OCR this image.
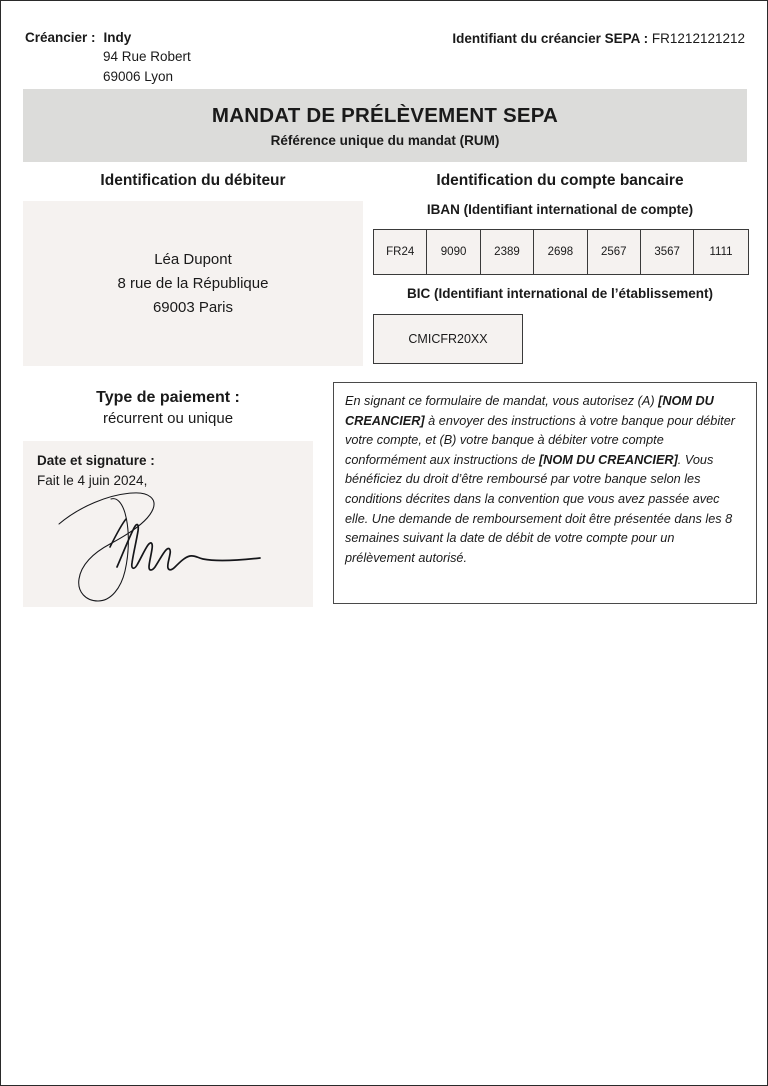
Créancier : Indy
94 Rue Robert
69006 Lyon
Identifiant du créancier SEPA : FR1212121212
MANDAT DE PRÉLÈVEMENT SEPA
Référence unique du mandat (RUM)
Identification du débiteur	Identification du compte bancaire
Léa Dupont
8 rue de la République
69003 Paris
IBAN (Identifiant international de compte)
FR24	9090	2389	2698	2567	3567	1111
BIC (Identifiant international de l’établissement)
CMICFR20XX
Type de paiement :
récurrent ou unique
Date et signature :
Fait le 4 juin 2024,
En signant ce formulaire de mandat, vous autorisez (A) [NOM DU CREANCIER] à envoyer des instructions à votre banque pour débiter votre compte, et (B) votre banque à débiter votre compte conformément aux instructions de [NOM DU CREANCIER]. Vous bénéficiez du droit d’être remboursé par votre banque selon les conditions décrites dans la convention que vous avez passée avec elle. Une demande de remboursement doit être présentée dans les 8 semaines suivant la date de débit de votre compte pour un prélèvement autorisé.
